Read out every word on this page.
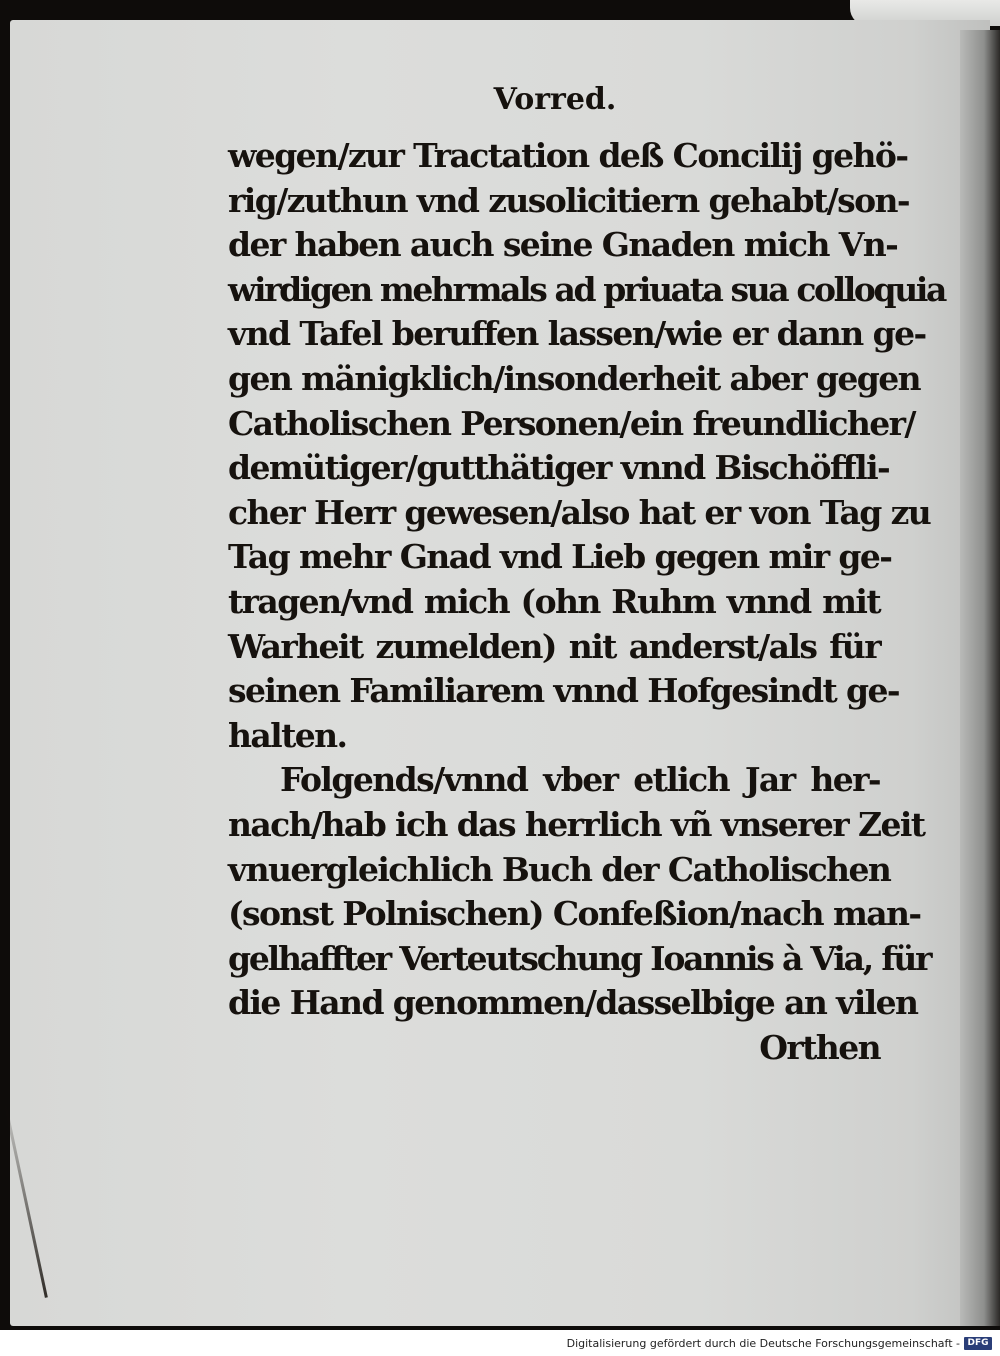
Vorred.
wegen/zur Tractation deß Concilij gehö-
rig/zuthun vnd zusolicitiern gehabt/son-
der haben auch seine Gnaden mich Vn-
wirdigen mehrmals ad priuata sua colloquia
vnd Tafel beruffen lassen/wie er dann ge-
gen mänigklich/insonderheit aber gegen
Catholischen Personen/ein freundlicher/
demütiger/gutthätiger vnnd Bischöffli-
cher Herr gewesen/also hat er von Tag zu
Tag mehr Gnad vnd Lieb gegen mir ge-
tragen/vnd mich (ohn Ruhm vnnd mit
Warheit zumelden) nit anderst/als für
seinen Familiarem vnnd Hofgesindt ge-
halten.
Folgends/vnnd vber etlich Jar her-
nach/hab ich das herrlich vñ vnserer Zeit
vnuergleichlich Buch der Catholischen
(sonst Polnischen) Confeßion/nach man-
gelhaffter Verteutschung Ioannis à Via, für
die Hand genommen/dasselbige an vilen
Orthen
Digitalisierung gefördert durch die Deutsche Forschungsgemeinschaft - DFG
